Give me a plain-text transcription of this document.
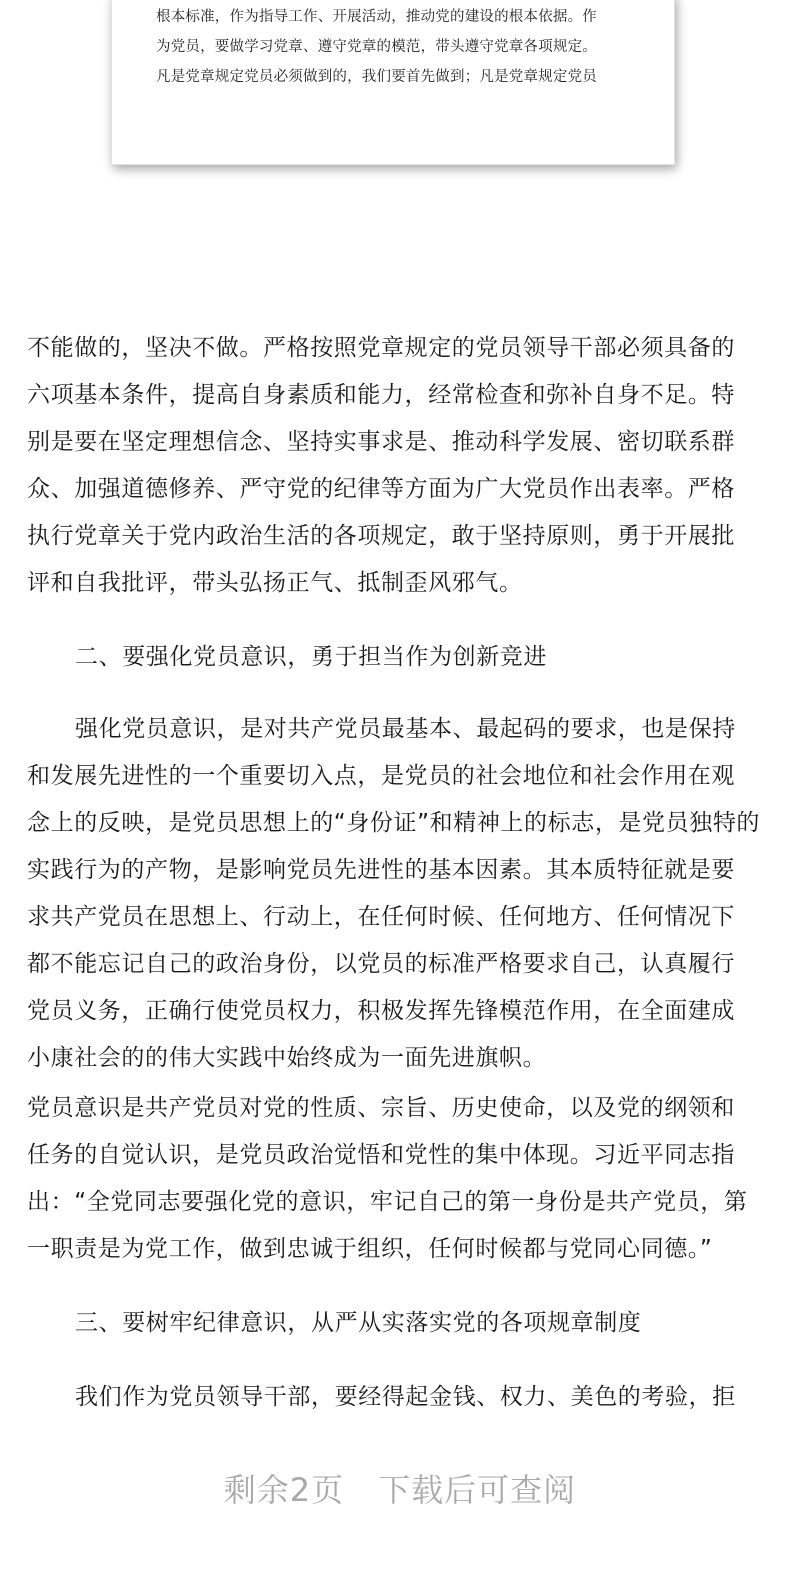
根本标准，作为指导工作、开展活动，推动党的建设的根本依据。作
为党员，要做学习党章、遵守党章的模范，带头遵守党章各项规定。
凡是党章规定党员必须做到的，我们要首先做到；凡是党章规定党员
不能做的，坚决不做。严格按照党章规定的党员领导干部必须具备的
六项基本条件，提高自身素质和能力，经常检查和弥补自身不足。特
别是要在坚定理想信念、坚持实事求是、推动科学发展、密切联系群
众、加强道德修养、严守党的纪律等方面为广大党员作出表率。严格
执行党章关于党内政治生活的各项规定，敢于坚持原则，勇于开展批
评和自我批评，带头弘扬正气、抵制歪风邪气。
二、要强化党员意识，勇于担当作为创新竞进
强化党员意识，是对共产党员最基本、最起码的要求，也是保持
和发展先进性的一个重要切入点，是党员的社会地位和社会作用在观
念上的反映，是党员思想上的“身份证”和精神上的标志，是党员独特的
实践行为的产物，是影响党员先进性的基本因素。其本质特征就是要
求共产党员在思想上、行动上，在任何时候、任何地方、任何情况下
都不能忘记自己的政治身份，以党员的标准严格要求自己，认真履行
党员义务，正确行使党员权力，积极发挥先锋模范作用，在全面建成
小康社会的的伟大实践中始终成为一面先进旗帜。
党员意识是共产党员对党的性质、宗旨、历史使命，以及党的纲领和
任务的自觉认识，是党员政治觉悟和党性的集中体现。习近平同志指
出：“全党同志要强化党的意识，牢记自己的第一身份是共产党员，第
一职责是为党工作，做到忠诚于组织，任何时候都与党同心同德。”
三、要树牢纪律意识，从严从实落实党的各项规章制度
我们作为党员领导干部，要经得起金钱、权力、美色的考验，拒
剩余2页 下载后可查阅
